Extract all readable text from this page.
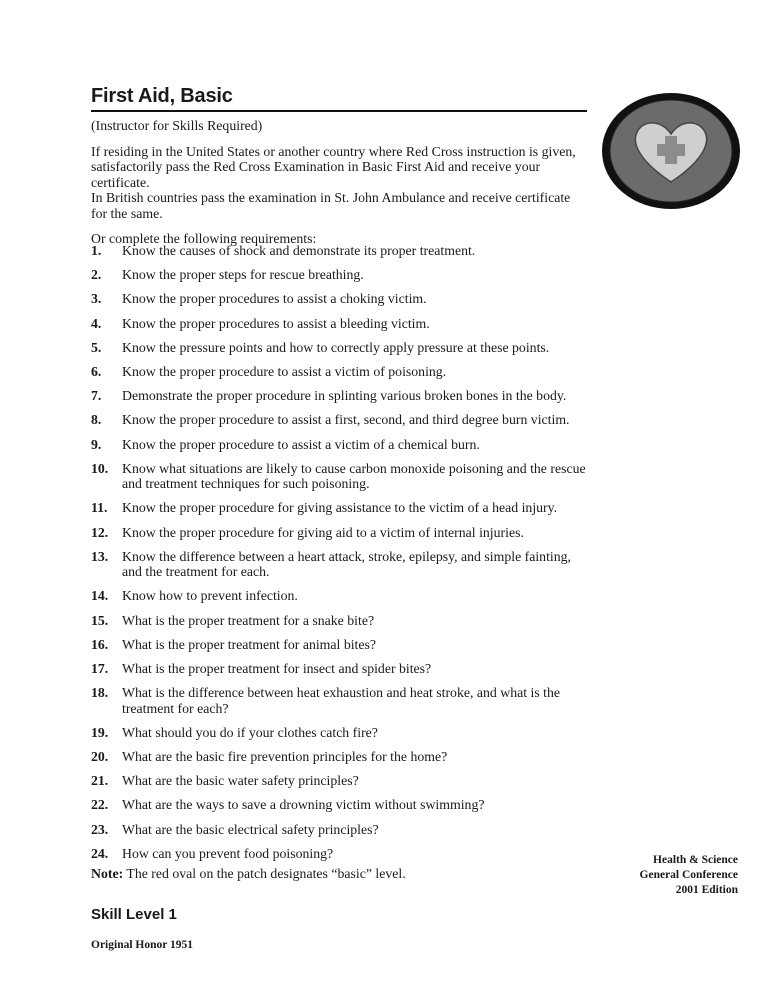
First Aid, Basic

(Instructor for Skills Required)

If residing in the United States or another country where Red Cross instruction is given, satisfactorily pass the Red Cross Examination in Basic First Aid and receive your certificate.

In British countries pass the examination in St. John Ambulance and receive certificate for the same.

Or complete the following requirements:

1.	Know the causes of shock and demonstrate its proper treatment.
2.	Know the proper steps for rescue breathing.
3.	Know the proper procedures to assist a choking victim.
4.	Know the proper procedures to assist a bleeding victim.
5.	Know the pressure points and how to correctly apply pressure at these points.
6.	Know the proper procedure to assist a victim of poisoning.
7.	Demonstrate the proper procedure in splinting various broken bones in the body.
8.	Know the proper procedure to assist a first, second, and third degree burn victim.
9.	Know the proper procedure to assist a victim of a chemical burn.
10. Know what situations are likely to cause carbon monoxide poisoning and the rescue and treatment techniques for such poisoning.
11.	Know the proper procedure for giving assistance to the victim of a head injury.
12. Know the proper procedure for giving aid to a victim of internal injuries.
13. Know the difference between a heart attack, stroke, epilepsy, and simple fainting, and the treatment for each.
14. Know how to prevent infection.
15. What is the proper treatment for a snake bite?
16. What is the proper treatment for animal bites?
17. What is the proper treatment for insect and spider bites?
18. What is the difference between heat exhaustion and heat stroke, and what is the treatment for each?
19. What should you do if your clothes catch fire?
20. What are the basic fire prevention principles for the home?
21. What are the basic water safety principles?
22. What are the ways to save a drowning victim without swimming?
23. What are the basic electrical safety principles?
24. How can you prevent food poisoning?
Note: The red oval on the patch designates “basic” level.
Skill Level 1
Original Honor 1951
Health & Science
General Conference
2001 Edition
